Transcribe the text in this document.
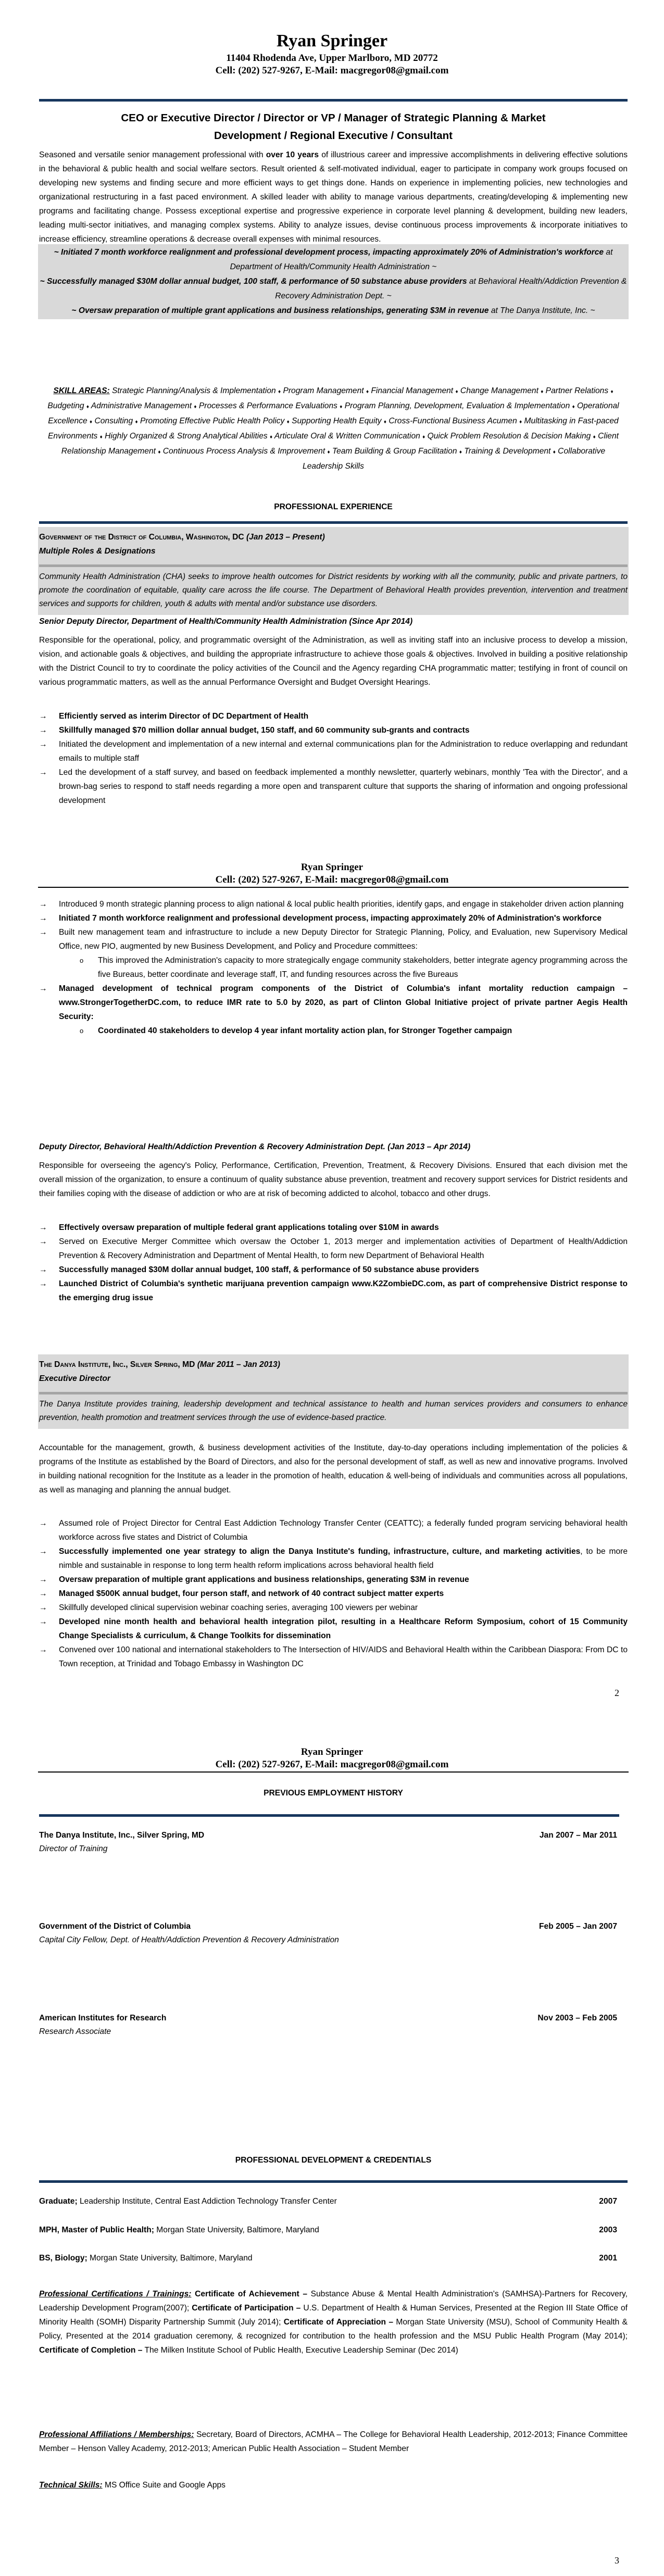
Ryan Springer
11404 Rhodenda Ave, Upper Marlboro, MD 20772
Cell: (202) 527-9267, E-Mail: macgregor08@gmail.com
CEO or Executive Director / Director or VP / Manager of Strategic Planning & Market
Development / Regional Executive / Consultant
Seasoned and versatile senior management professional with over 10 years of illustrious career and impressive accomplishments in delivering effective solutions in the behavioral & public health and social welfare sectors. Result oriented & self-motivated individual, eager to participate in company work groups focused on developing new systems and finding secure and more efficient ways to get things done. Hands on experience in implementing policies, new technologies and organizational restructuring in a fast paced environment. A skilled leader with ability to manage various departments, creating/developing & implementing new programs and facilitating change. Possess exceptional expertise and progressive experience in corporate level planning & development, building new leaders, leading multi-sector initiatives, and managing complex systems. Ability to analyze issues, devise continuous process improvements & incorporate initiatives to increase efficiency, streamline operations & decrease overall expenses with minimal resources.
~ Initiated 7 month workforce realignment and professional development process, impacting approximately 20% of Administration's workforce at Department of Health/Community Health Administration ~
~ Successfully managed $30M dollar annual budget, 100 staff, & performance of 50 substance abuse providers at Behavioral Health/Addiction Prevention & Recovery Administration Dept. ~
~ Oversaw preparation of multiple grant applications and business relationships, generating $3M in revenue at The Danya Institute, Inc. ~
SKILL AREAS: Strategic Planning/Analysis & Implementation ♦ Program Management ♦ Financial Management ♦ Change Management ♦ Partner Relations ♦ Budgeting ♦ Administrative Management ♦ Processes & Performance Evaluations ♦ Program Planning, Development, Evaluation & Implementation ♦ Operational Excellence ♦ Consulting ♦ Promoting Effective Public Health Policy ♦ Supporting Health Equity ♦ Cross-Functional Business Acumen ♦ Multitasking in Fast-paced Environments ♦ Highly Organized & Strong Analytical Abilities ♦ Articulate Oral & Written Communication ♦ Quick Problem Resolution & Decision Making ♦ Client Relationship Management ♦ Continuous Process Analysis & Improvement ♦ Team Building & Group Facilitation ♦ Training & Development ♦ Collaborative Leadership Skills
PROFESSIONAL EXPERIENCE
Government of the District of Columbia, Washington, DC (Jan 2013 – Present)
Multiple Roles & Designations
Community Health Administration (CHA) seeks to improve health outcomes for District residents by working with all the community, public and private partners, to promote the coordination of equitable, quality care across the life course. The Department of Behavioral Health provides prevention, intervention and treatment services and supports for children, youth & adults with mental and/or substance use disorders.
Senior Deputy Director, Department of Health/Community Health Administration (Since Apr 2014)
Responsible for the operational, policy, and programmatic oversight of the Administration, as well as inviting staff into an inclusive process to develop a mission, vision, and actionable goals & objectives, and building the appropriate infrastructure to achieve those goals & objectives. Involved in building a positive relationship with the District Council to try to coordinate the policy activities of the Council and the Agency regarding CHA programmatic matter; testifying in front of council on various programmatic matters, as well as the annual Performance Oversight and Budget Oversight Hearings.
→ Efficiently served as interim Director of DC Department of Health
→ Skillfully managed $70 million dollar annual budget, 150 staff, and 60 community sub-grants and contracts
→ Initiated the development and implementation of a new internal and external communications plan for the Administration to reduce overlapping and redundant emails to multiple staff
→ Led the development of a staff survey, and based on feedback implemented a monthly newsletter, quarterly webinars, monthly 'Tea with the Director', and a brown-bag series to respond to staff needs regarding a more open and transparent culture that supports the sharing of information and ongoing professional development
Ryan Springer
Cell: (202) 527-9267, E-Mail: macgregor08@gmail.com
→ Introduced 9 month strategic planning process to align national & local public health priorities, identify gaps, and engage in stakeholder driven action planning
→ Initiated 7 month workforce realignment and professional development process, impacting approximately 20% of Administration's workforce
→ Built new management team and infrastructure to include a new Deputy Director for Strategic Planning, Policy, and Evaluation, new Supervisory Medical Office, new PIO, augmented by new Business Development, and Policy and Procedure committees:
o This improved the Administration's capacity to more strategically engage community stakeholders, better integrate agency programming across the five Bureaus, better coordinate and leverage staff, IT, and funding resources across the five Bureaus
→ Managed development of technical program components of the District of Columbia's infant mortality reduction campaign – www.StrongerTogetherDC.com, to reduce IMR rate to 5.0 by 2020, as part of Clinton Global Initiative project of private partner Aegis Health Security:
o Coordinated 40 stakeholders to develop 4 year infant mortality action plan, for Stronger Together campaign
Deputy Director, Behavioral Health/Addiction Prevention & Recovery Administration Dept. (Jan 2013 – Apr 2014)
Responsible for overseeing the agency's Policy, Performance, Certification, Prevention, Treatment, & Recovery Divisions. Ensured that each division met the overall mission of the organization, to ensure a continuum of quality substance abuse prevention, treatment and recovery support services for District residents and their families coping with the disease of addiction or who are at risk of becoming addicted to alcohol, tobacco and other drugs.
→ Effectively oversaw preparation of multiple federal grant applications totaling over $10M in awards
→ Served on Executive Merger Committee which oversaw the October 1, 2013 merger and implementation activities of Department of Health/Addiction Prevention & Recovery Administration and Department of Mental Health, to form new Department of Behavioral Health
→ Successfully managed $30M dollar annual budget, 100 staff, & performance of 50 substance abuse providers
→ Launched District of Columbia's synthetic marijuana prevention campaign www.K2ZombieDC.com, as part of comprehensive District response to the emerging drug issue
The Danya Institute, Inc., Silver Spring, MD (Mar 2011 – Jan 2013)
Executive Director
The Danya Institute provides training, leadership development and technical assistance to health and human services providers and consumers to enhance prevention, health promotion and treatment services through the use of evidence-based practice.
Accountable for the management, growth, & business development activities of the Institute, day-to-day operations including implementation of the policies & programs of the Institute as established by the Board of Directors, and also for the personal development of staff, as well as new and innovative programs. Involved in building national recognition for the Institute as a leader in the promotion of health, education & well-being of individuals and communities across all populations, as well as managing and planning the annual budget.
→ Assumed role of Project Director for Central East Addiction Technology Transfer Center (CEATTC); a federally funded program servicing behavioral health workforce across five states and District of Columbia
→ Successfully implemented one year strategy to align the Danya Institute's funding, infrastructure, culture, and marketing activities, to be more nimble and sustainable in response to long term health reform implications across behavioral health field
→ Oversaw preparation of multiple grant applications and business relationships, generating $3M in revenue
→ Managed $500K annual budget, four person staff, and network of 40 contract subject matter experts
→ Skillfully developed clinical supervision webinar coaching series, averaging 100 viewers per webinar
→ Developed nine month health and behavioral health integration pilot, resulting in a Healthcare Reform Symposium, cohort of 15 Community Change Specialists & curriculum, & Change Toolkits for dissemination
→ Convened over 100 national and international stakeholders to The Intersection of HIV/AIDS and Behavioral Health within the Caribbean Diaspora: From DC to Town reception, at Trinidad and Tobago Embassy in Washington DC
2
Ryan Springer
Cell: (202) 527-9267, E-Mail: macgregor08@gmail.com
PREVIOUS EMPLOYMENT HISTORY
The Danya Institute, Inc., Silver Spring, MD	Jan 2007 – Mar 2011
Director of Training
Government of the District of Columbia	Feb 2005 – Jan 2007
Capital City Fellow, Dept. of Health/Addiction Prevention & Recovery Administration
American Institutes for Research	Nov 2003 – Feb 2005
Research Associate
PROFESSIONAL DEVELOPMENT & CREDENTIALS
Graduate; Leadership Institute, Central East Addiction Technology Transfer Center	2007
MPH, Master of Public Health; Morgan State University, Baltimore, Maryland	2003
BS, Biology; Morgan State University, Baltimore, Maryland	2001
Professional Certifications / Trainings: Certificate of Achievement – Substance Abuse & Mental Health Administration's (SAMHSA)-Partners for Recovery, Leadership Development Program(2007); Certificate of Participation – U.S. Department of Health & Human Services, Presented at the Region III State Office of Minority Health (SOMH) Disparity Partnership Summit (July 2014); Certificate of Appreciation – Morgan State University (MSU), School of Community Health & Policy, Presented at the 2014 graduation ceremony, & recognized for contribution to the health profession and the MSU Public Health Program (May 2014); Certificate of Completion – The Milken Institute School of Public Health, Executive Leadership Seminar (Dec 2014)
Professional Affiliations / Memberships: Secretary, Board of Directors, ACMHA – The College for Behavioral Health Leadership, 2012-2013; Finance Committee Member – Henson Valley Academy, 2012-2013; American Public Health Association – Student Member
Technical Skills: MS Office Suite and Google Apps
3
